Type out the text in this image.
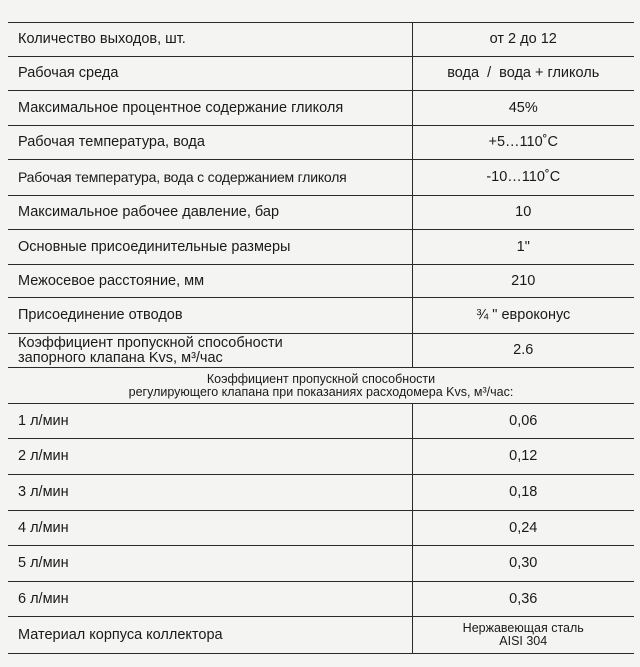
Количество выходов, шт.	от 2 до 12
Рабочая среда	вода  /  вода + гликоль
Максимальное процентное содержание гликоля	45%
Рабочая температура, вода	+5…110˚С
Рабочая температура, вода с содержанием гликоля	-10…110˚С
Максимальное рабочее давление, бар	10
Основные присоединительные размеры	1"
Межосевое расстояние, мм	210
Присоединение отводов	¾ " евроконус

Коэффициент пропускной способности
запорного клапана Kvs, м³/час	2.6

Коэффициент пропускной способности
регулирующего клапана при показаниях расходомера Kvs, м³/час:	

1 л/мин	0,06
2 л/мин	0,12
3 л/мин	0,18
4 л/мин	0,24
5 л/мин	0,30
6 л/мин	0,36
Материал корпуса коллектора	Нержавеющая сталь
AISI 304
